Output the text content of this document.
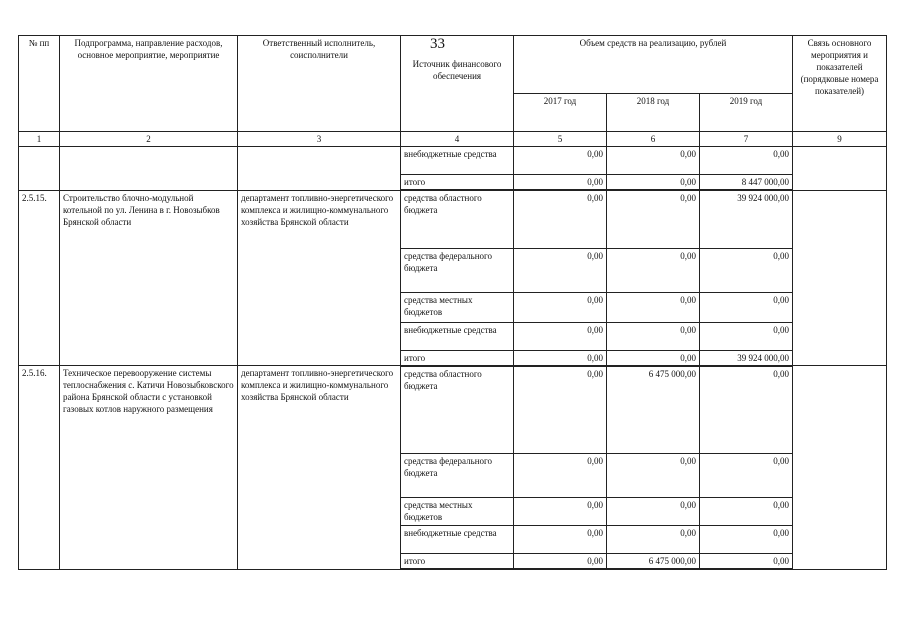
33
№ пп	Подпрограмма, направление расходов, основное мероприятие, мероприятие	Ответственный исполнитель, соисполнители	Источник финансового обеспечения	Объем средств на реализацию, рублей			Связь основного мероприятия и показателей (порядковые номера показателей)
				2017 год	2018 год	2019 год	
1	2	3	4	5	6	7	9
			внебюджетные средства	0,00	0,00	0,00	
			итого	0,00	0,00	8 447 000,00	
2.5.15.	Строительство блочно-модульной котельной по ул. Ленина в г. Новозыбков Брянской области	департамент топливно-энергетического комплекса и жилищно-коммунального хозяйства Брянской области	средства областного бюджета	0,00	0,00	39 924 000,00	
			средства федерального бюджета	0,00	0,00	0,00	
			средства местных бюджетов	0,00	0,00	0,00	
			внебюджетные средства	0,00	0,00	0,00	
			итого	0,00	0,00	39 924 000,00	
2.5.16.	Техническое перевооружение системы теплоснабжения с. Катичи Новозыбковского района Брянской области с установкой газовых котлов наружного размещения	департамент топливно-энергетического комплекса и жилищно-коммунального хозяйства Брянской области	средства областного бюджета	0,00	6 475 000,00	0,00	
			средства федерального бюджета	0,00	0,00	0,00	
			средства местных бюджетов	0,00	0,00	0,00	
			внебюджетные средства	0,00	0,00	0,00	
			итого	0,00	6 475 000,00	0,00	
